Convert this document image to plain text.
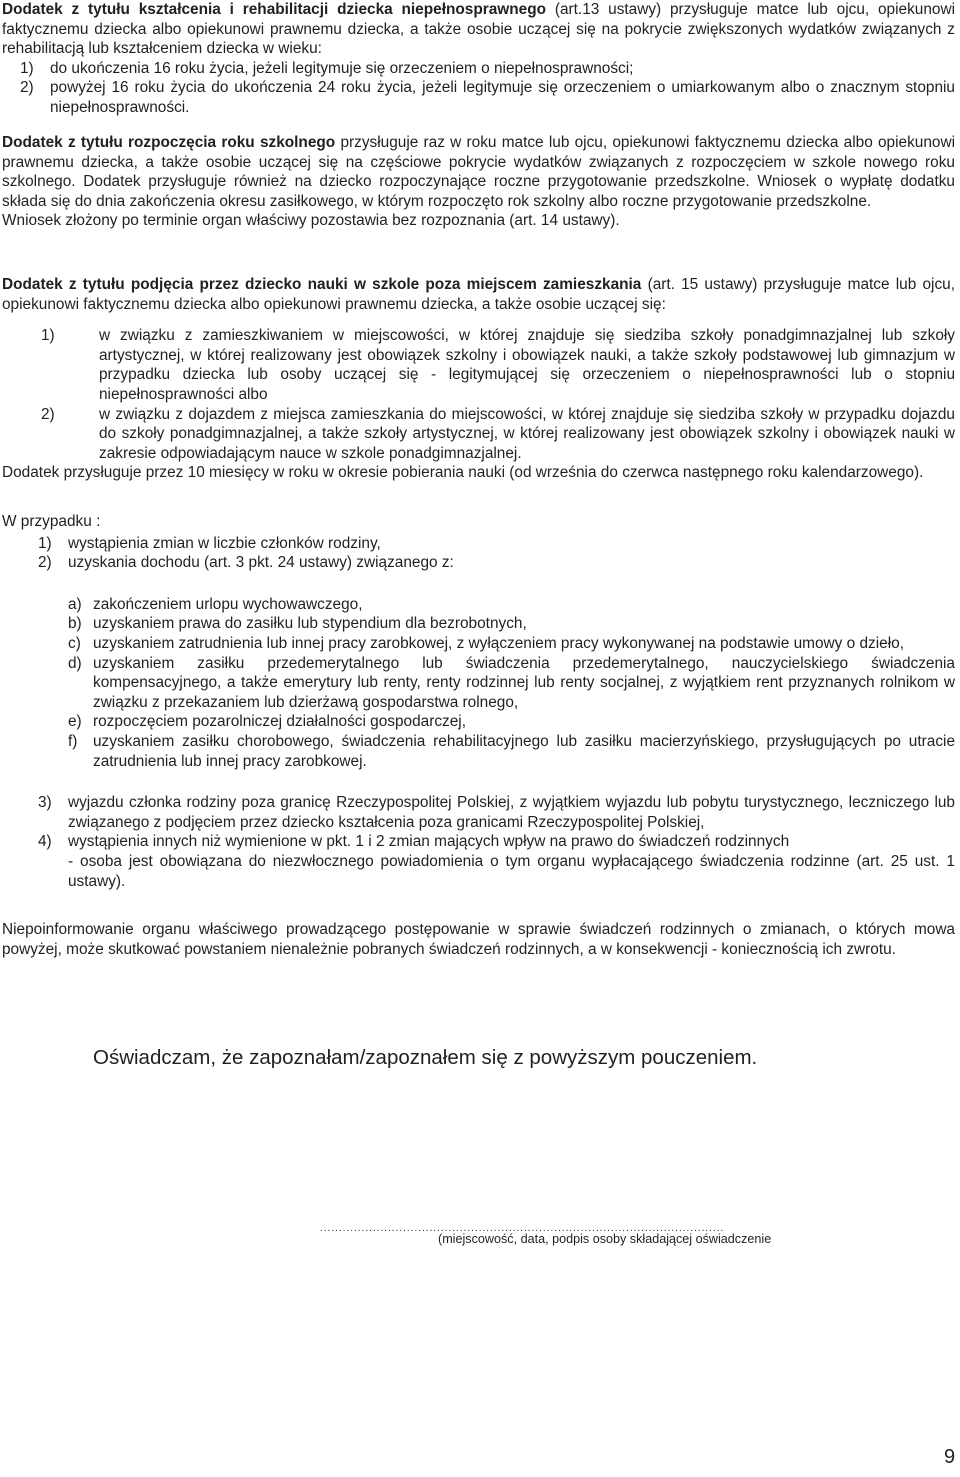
Dodatek z tytułu kształcenia i rehabilitacji dziecka niepełnosprawnego (art.13 ustawy) przysługuje matce lub ojcu, opiekunowi faktycznemu dziecka albo opiekunowi prawnemu dziecka, a także osobie uczącej się na pokrycie zwiększonych wydatków związanych z rehabilitacją lub kształceniem dziecka w wieku:

1) do ukończenia 16 roku życia, jeżeli legitymuje się orzeczeniem o niepełnosprawności;

2) powyżej 16 roku życia do ukończenia 24 roku życia, jeżeli legitymuje się orzeczeniem o umiarkowanym albo o znacznym stopniu niepełnosprawności.

Dodatek z tytułu rozpoczęcia roku szkolnego przysługuje raz w roku matce lub ojcu, opiekunowi faktycznemu dziecka albo opiekunowi prawnemu dziecka, a także osobie uczącej się na częściowe pokrycie wydatków związanych z rozpoczęciem w szkole nowego roku szkolnego. Dodatek przysługuje również na dziecko rozpoczynające roczne przygotowanie przedszkolne. Wniosek o wypłatę dodatku składa się do dnia zakończenia okresu zasiłkowego, w którym rozpoczęto rok szkolny albo roczne przygotowanie przedszkolne.

Wniosek złożony po terminie organ właściwy pozostawia bez rozpoznania (art. 14 ustawy).

Dodatek z tytułu podjęcia przez dziecko nauki w szkole poza miejscem zamieszkania (art. 15 ustawy) przysługuje matce lub ojcu, opiekunowi faktycznemu dziecka albo opiekunowi prawnemu dziecka, a także osobie uczącej się:

1)	w związku z zamieszkiwaniem w miejscowości, w której znajduje się siedziba szkoły ponadgimnazjalnej lub szkoły artystycznej, w której realizowany jest obowiązek szkolny i obowiązek nauki, a także szkoły podstawowej lub gimnazjum w przypadku dziecka lub osoby uczącej się - legitymującej się orzeczeniem o niepełnosprawności lub o stopniu niepełnosprawności albo

2)	w związku z dojazdem z miejsca zamieszkania do miejscowości, w której znajduje się siedziba szkoły w przypadku dojazdu do szkoły ponadgimnazjalnej, a także szkoły artystycznej, w której realizowany jest obowiązek szkolny i obowiązek nauki w zakresie odpowiadającym nauce w szkole ponadgimnazjalnej.

Dodatek przysługuje przez 10 miesięcy w roku w okresie pobierania nauki (od września do czerwca następnego roku kalendarzowego).

W przypadku :

1) wystąpienia zmian w liczbie członków rodziny,

2) uzyskania dochodu (art. 3 pkt. 24 ustawy) związanego z:

a) zakończeniem urlopu wychowawczego,

b) uzyskaniem prawa do zasiłku lub stypendium dla bezrobotnych,

c) uzyskaniem zatrudnienia lub innej pracy zarobkowej, z wyłączeniem pracy wykonywanej na podstawie umowy o dzieło,

d) uzyskaniem zasiłku przedemerytalnego lub świadczenia przedemerytalnego, nauczycielskiego świadczenia kompensacyjnego, a także emerytury lub renty, renty rodzinnej lub renty socjalnej, z wyjątkiem rent przyznanych rolnikom w związku z przekazaniem lub dzierżawą gospodarstwa rolnego,

e) rozpoczęciem pozarolniczej działalności gospodarczej,

f) uzyskaniem zasiłku chorobowego, świadczenia rehabilitacyjnego lub zasiłku macierzyńskiego, przysługujących po utracie zatrudnienia lub innej pracy zarobkowej.

3) wyjazdu członka rodziny poza granicę Rzeczypospolitej Polskiej, z wyjątkiem wyjazdu lub pobytu turystycznego, leczniczego lub związanego z podjęciem przez dziecko kształcenia poza granicami Rzeczypospolitej Polskiej,

4) wystąpienia innych niż wymienione w pkt. 1 i 2 zmian mających wpływ na prawo do świadczeń rodzinnych

- osoba jest obowiązana do niezwłocznego powiadomienia o tym organu wypłacającego świadczenia rodzinne (art. 25 ust. 1 ustawy).

Niepoinformowanie organu właściwego prowadzącego postępowanie w sprawie świadczeń rodzinnych o zmianach, o których mowa powyżej, może skutkować powstaniem nienależnie pobranych świadczeń rodzinnych, a w konsekwencji - koniecznością ich zwrotu.

Oświadczam, że zapoznałam/zapoznałem się z powyższym pouczeniem.
...........................................................................................................
(miejscowość, data, podpis osoby składającej oświadczenie
9
